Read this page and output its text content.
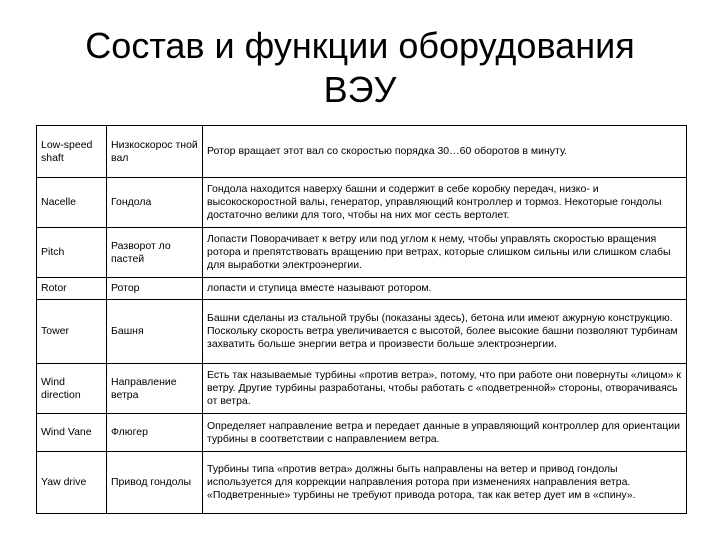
Состав и функции оборудования
ВЭУ
Low-speed shaft	Низкоскорос тной вал	Ротор вращает этот вал со скоростью порядка 30…60 оборотов в минуту.
Nacelle	Гондола	Гондола находится наверху башни и содержит в себе коробку передач, низко- и высокоскоростной валы, генератор, управляющий контроллер и тормоз. Некоторые гондолы достаточно велики для того, чтобы на них мог сесть вертолет.
Pitch	Разворот ло пастей	Лопасти Поворачивает к ветру или под углом к нему, чтобы управлять скоростью вращения ротора и препятствовать вращению при ветрах, которые слишком сильны или слишком слабы для выработки электроэнергии.
Rotor	Ротор	лопасти и ступица вместе называют ротором.
Tower	Башня	Башни сделаны из стальной трубы (показаны здесь), бетона или имеют ажурную конструкцию. Поскольку скорость ветра увеличивается с высотой, более высокие башни позволяют турбинам захватить больше энергии ветра и произвести больше электроэнергии.
Wind direction	Направление ветра	Есть так называемые турбины «против ветра», потому, что при работе они повернуты «лицом» к ветру. Другие турбины разработаны, чтобы работать с «подветренной» стороны, отворачиваясь от ветра.
Wind Vane	Флюгер	Определяет направление ветра и передает данные в управляющий контроллер для ориентации турбины в соответствии с направлением ветра.
Yaw drive	Привод гондолы	Турбины типа «против ветра» должны быть направлены на ветер и привод гондолы используется для коррекции направления ротора при изменениях направления ветра. «Подветренные» турбины не требуют привода ротора, так как ветер дует им в «спину».
